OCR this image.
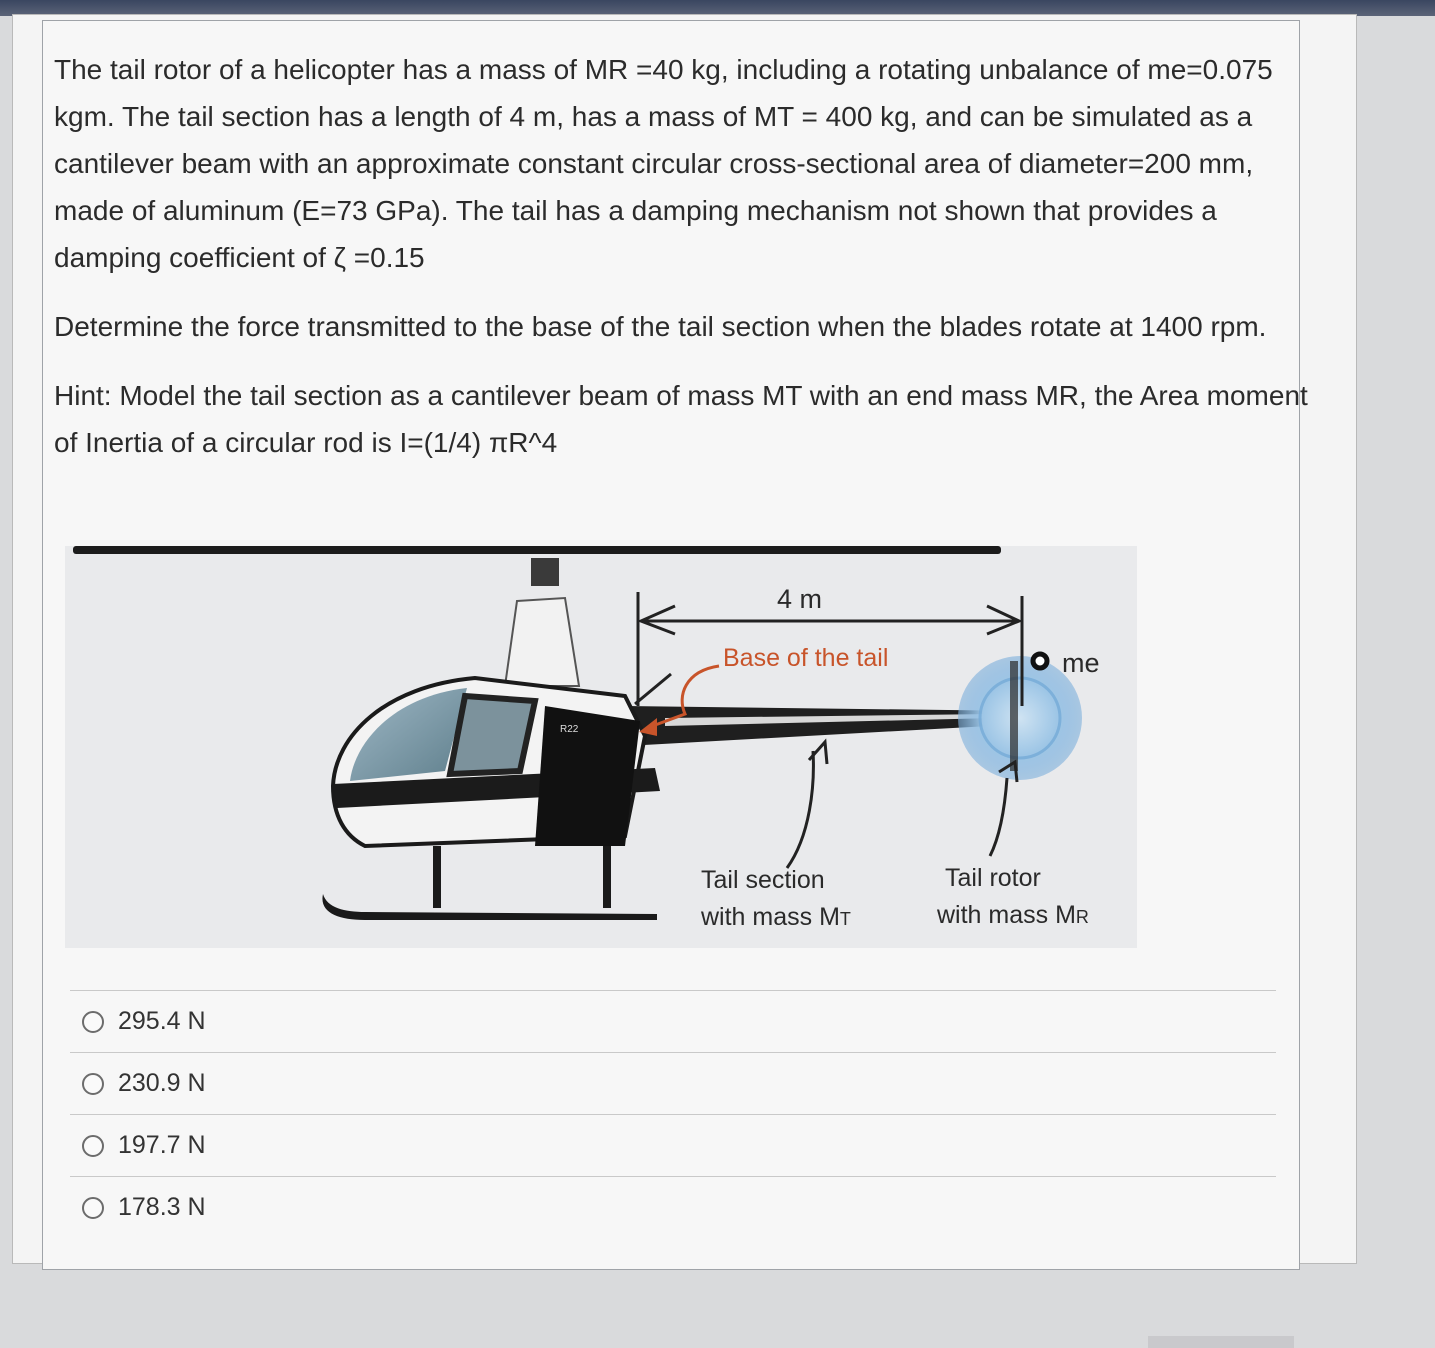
The tail rotor of a helicopter has a mass of MR =40 kg, including a rotating unbalance of me=0.075 kgm. The tail section has a length of 4 m, has a mass of MT = 400 kg, and can be simulated as a cantilever beam with an approximate constant circular cross-sectional area of diameter=200 mm, made of aluminum (E=73 GPa). The tail has a damping mechanism not shown that provides a damping coefficient of ζ =0.15

Determine the force transmitted to the base of the tail section when the blades rotate at 1400 rpm.

Hint: Model the tail section as a cantilever beam of mass MT with an end mass MR, the Area moment of Inertia of a circular rod is I=(1/4) πR^4

4 m
Base of the tail	me
Tail section
with mass MT
Tail rotor
with mass MR
R22
295.4 N
230.9 N
197.7 N
178.3 N
